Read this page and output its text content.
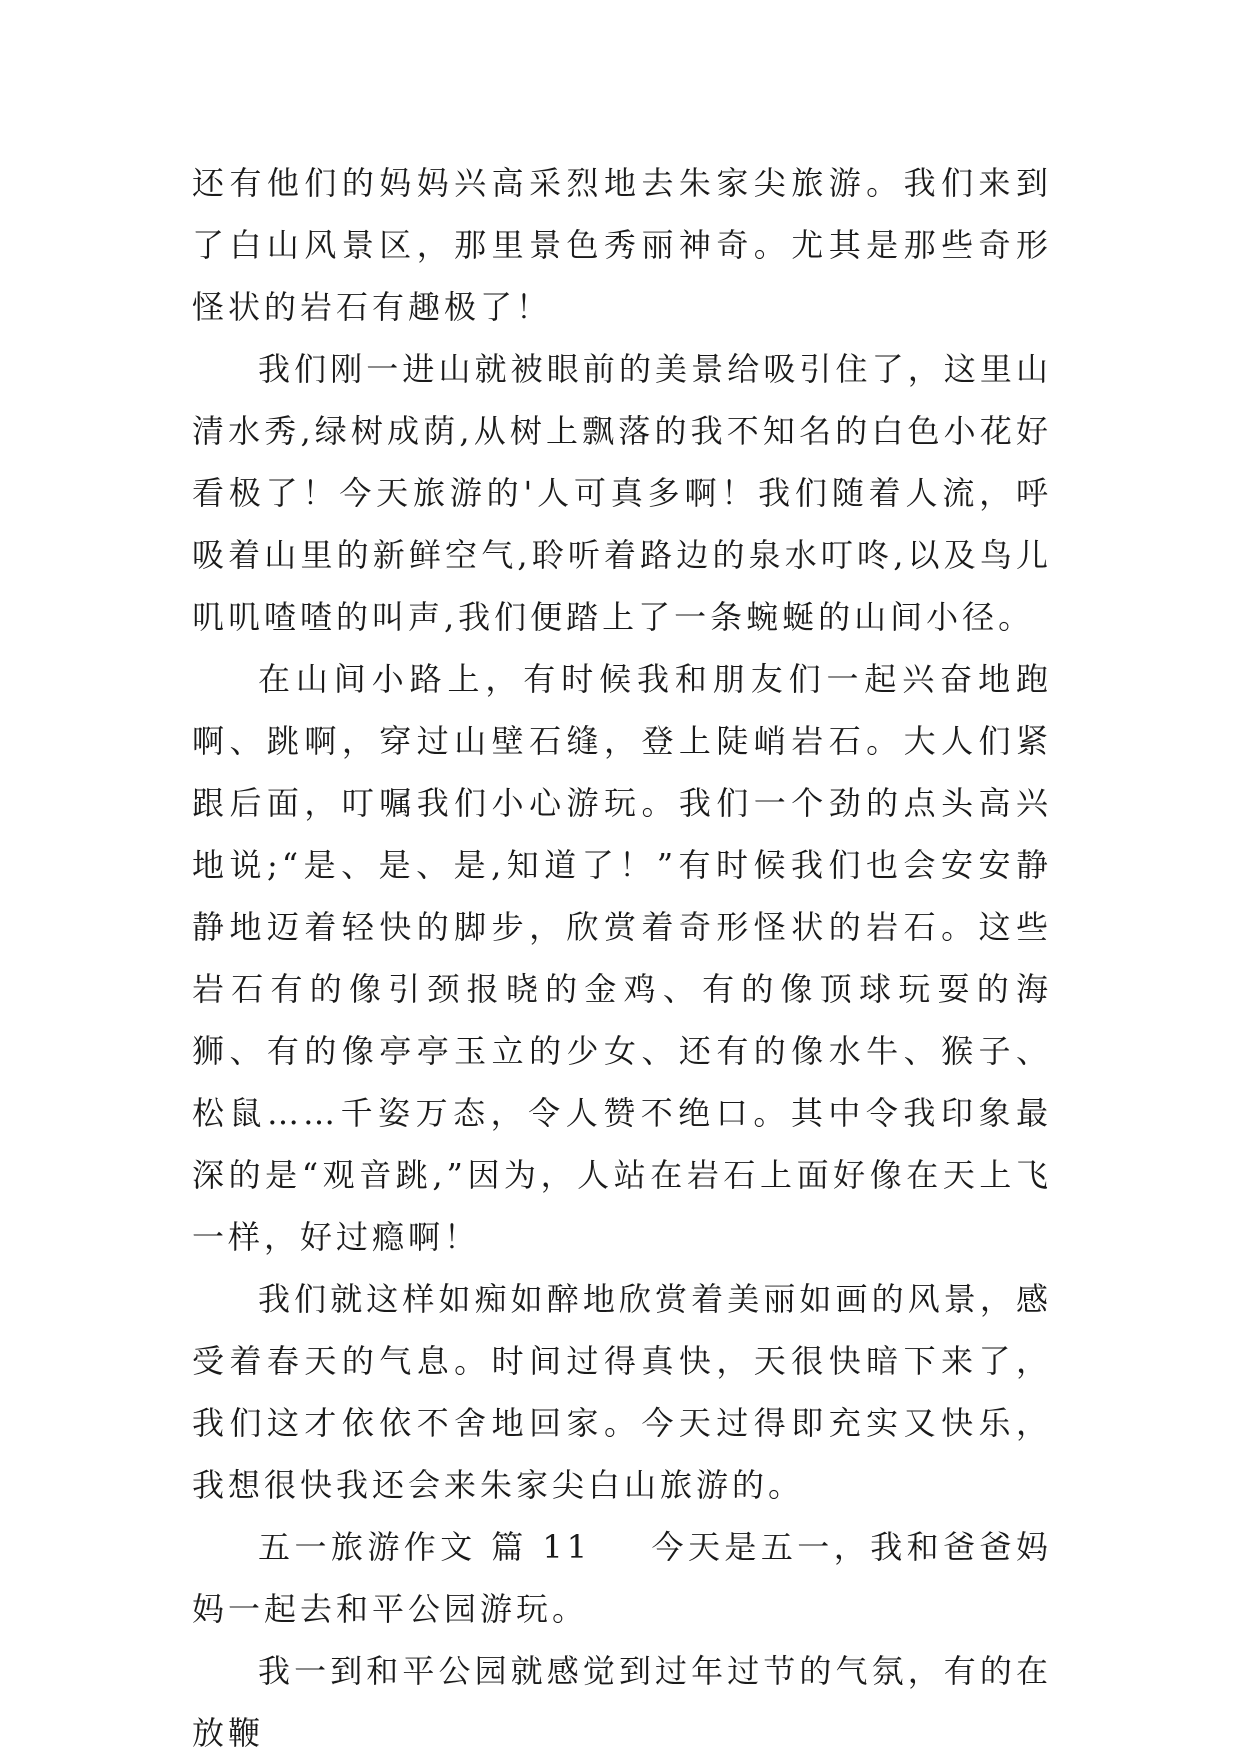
还有他们的妈妈兴高采烈地去朱家尖旅游。我们来到了白山风景区，那里景色秀丽神奇。尤其是那些奇形怪状的岩石有趣极了！

我们刚一进山就被眼前的美景给吸引住了，这里山清水秀,绿树成荫,从树上飘落的我不知名的白色小花好看极了！今天旅游的'人可真多啊！我们随着人流，呼吸着山里的新鲜空气,聆听着路边的泉水叮咚,以及鸟儿叽叽喳喳的叫声,我们便踏上了一条蜿蜒的山间小径。

在山间小路上，有时候我和朋友们一起兴奋地跑啊、跳啊，穿过山壁石缝，登上陡峭岩石。大人们紧跟后面，叮嘱我们小心游玩。我们一个劲的点头高兴地说;“是、是、是,知道了！”有时候我们也会安安静静地迈着轻快的脚步，欣赏着奇形怪状的岩石。这些岩石有的像引颈报晓的金鸡、有的像顶球玩耍的海狮、有的像亭亭玉立的少女、还有的像水牛、猴子、松鼠……千姿万态，令人赞不绝口。其中令我印象最深的是“观音跳,”因为，人站在岩石上面好像在天上飞一样，好过瘾啊！

我们就这样如痴如醉地欣赏着美丽如画的风景，感受着春天的气息。时间过得真快，天很快暗下来了，我们这才依依不舍地回家。今天过得即充实又快乐，我想很快我还会来朱家尖白山旅游的。

五一旅游作文 篇 11 今天是五一，我和爸爸妈妈一起去和平公园游玩。

我一到和平公园就感觉到过年过节的气氛，有的在放鞭
